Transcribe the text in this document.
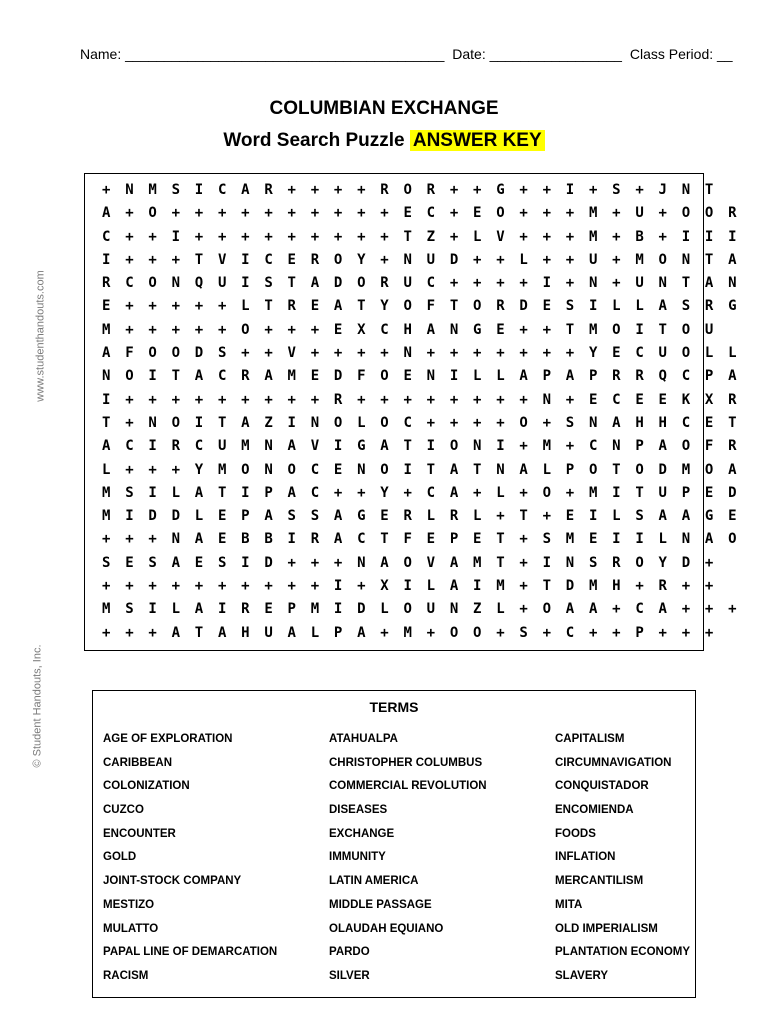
Name: _________________________________________ Date: _________________ Class Period: __
COLUMBIAN EXCHANGE
Word Search Puzzle ANSWER KEY
www.studenthandouts.com
© Student Handouts, Inc.
+ N M S I C A R + + + + R O R + + G + + I + S + J N T
A + O + + + + + + + + + + E C + E O + + + M + U + O O R
C + + I + + + + + + + + + T Z + L V + + + M + B + I I I
I + + + T V I C E R O Y + N U D + + L + + U + M O N T A
R C O N Q U I S T A D O R U C + + + + I + N + U N T A N
E + + + + + L T R E A T Y O F T O R D E S I L L A S R G
M + + + + + O + + + E X C H A N G E + + T M O I T O U
A F O O D S + + V + + + + N + + + + + + + Y E C U O L L
N O I T A C R A M E D F O E N I L L A P A P R R Q C P A
I + + + + + + + + + R + + + + + + + + N + E C E E K X R
T + N O I T A Z I N O L O C + + + + O + S N A H H C E T
A C I R C U M N A V I G A T I O N I + M + C N P A O F R
L + + + Y M O N O C E N O I T A T N A L P O T O D M O A
M S I L A T I P A C + + Y + C A + L + O + M I T U P E D
M I D D L E P A S S A G E R L R L + T + E I L S A A G E
+ + + N A E B B I R A C T F E P E T + S M E I I L N A O
S E S A E S I D + + + N A O V A M T + I N S R O Y D +
+ + + + + + + + + + I + X I L A I M + T D M H + R + +
M S I L A I R E P M I D L O U N Z L + O A A + C A + + +
+ + + A T A H U A L P A + M + O O + S + C + + P + + +
TERMS
AGE OF EXPLORATION
CARIBBEAN
COLONIZATION
CUZCO
ENCOUNTER
GOLD
JOINT-STOCK COMPANY
MESTIZO
MULATTO
PAPAL LINE OF DEMARCATION
RACISM
ATAHUALPA
CHRISTOPHER COLUMBUS
COMMERCIAL REVOLUTION
DISEASES
EXCHANGE
IMMUNITY
LATIN AMERICA
MIDDLE PASSAGE
OLAUDAH EQUIANO
PARDO
SILVER
CAPITALISM
CIRCUMNAVIGATION
CONQUISTADOR
ENCOMIENDA
FOODS
INFLATION
MERCANTILISM
MITA
OLD IMPERIALISM
PLANTATION ECONOMY
SLAVERY
